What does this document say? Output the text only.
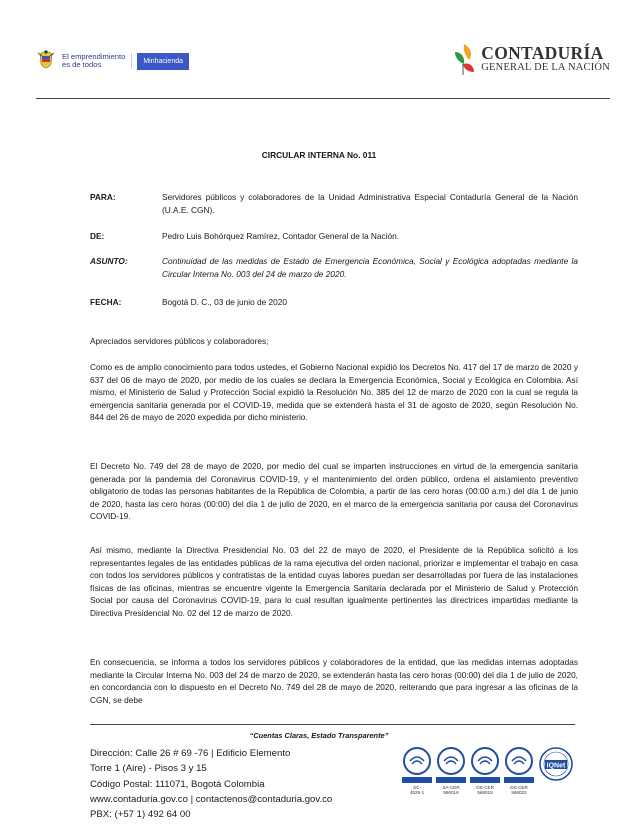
El emprendimiento
es de todos	Minhacienda	CONTADURÍA
GENERAL DE LA NACIÓN
CIRCULAR INTERNA No. 011
PARA:	Servidores públicos y colaboradores de la Unidad Administrativa Especial Contaduría General de la Nación (U.A.E. CGN).
DE:	Pedro Luis Bohórquez Ramírez, Contador General de la Nación.
ASUNTO:	Continuidad de las medidas de Estado de Emergencia Económica, Social y Ecológica adoptadas mediante la Circular Interna No. 003 del 24 de marzo de 2020.
FECHA:	Bogotá D. C., 03 de junio de 2020

Apreciados servidores públicos y colaboradores;

Como es de amplio conocimiento para todos ustedes, el Gobierno Nacional expidió los Decretos No. 417 del 17 de marzo de 2020 y 637 del 06 de mayo de 2020, por medio de los cuales se declara la Emergencia Económica, Social y Ecológica en Colombia. Así mismo, el Ministerio de Salud y Protección Social expidió la Resolución No. 385 del 12 de marzo de 2020 con la cual se regula la emergencia sanitaria generada por el COVID-19, medida que se extenderá hasta el 31 de agosto de 2020, según Resolución No. 844 del 26 de mayo de 2020 expedida por dicho ministerio.

El Decreto No. 749 del 28 de mayo de 2020, por medio del cual se imparten instrucciones en virtud de la emergencia sanitaria generada por la pandemia del Coronavirus COVID-19, y el mantenimiento del orden público, ordena el aislamiento preventivo obligatorio de todas las personas habitantes de la República de Colombia, a partir de las cero horas (00:00 a.m.) del día 1 de junio de 2020, hasta las cero horas (00:00) del día 1 de julio de 2020, en el marco de la emergencia sanitaria por causa del Coronavirus COVID-19.

Así mismo, mediante la Directiva Presidencial No. 03 del 22 de mayo de 2020, el Presidente de la República solicitó a los representantes legales de las entidades públicas de la rama ejecutiva del orden nacional, priorizar e implementar el trabajo en casa con todos los servidores públicos y contratistas de la entidad cuyas labores puedan ser desarrolladas por fuera de las instalaciones físicas de las oficinas, mientras se encuentre vigente la Emergencia Sanitaria declarada por el Ministerio de Salud y Protección Social por causa del Coronavirus COVID-19, para lo cual resultan igualmente pertinentes las directrices impartidas mediante la Directiva Presidencial No. 02 del 12 de marzo de 2020.

En consecuencia, se informa a todos los servidores públicos y colaboradores de la entidad, que las medidas internas adoptadas mediante la Circular Interna No. 003 del 24 de marzo de 2020, se extenderán hasta las cero horas (00:00) del día 1 de julio de 2020, en concordancia con lo dispuesto en el Decreto No. 749 del 28 de mayo de 2020, reiterando que para ingresar a las oficinas de la CGN, se debe

“Cuentas Claras, Estado Transparente”
Dirección: Calle 26 # 69 -76 | Edificio Elemento
Torre 1 (Aire) - Pisos 3 y 15
Código Postal: 111071, Bogotá Colombia
www.contaduria.gov.co | contactenos@contaduria.gov.co
PBX: (+57 1) 492 64 00
SC-
4525-1
SA-CER
566016
OS-CER
566018
DS-CER
566022
IQNet
